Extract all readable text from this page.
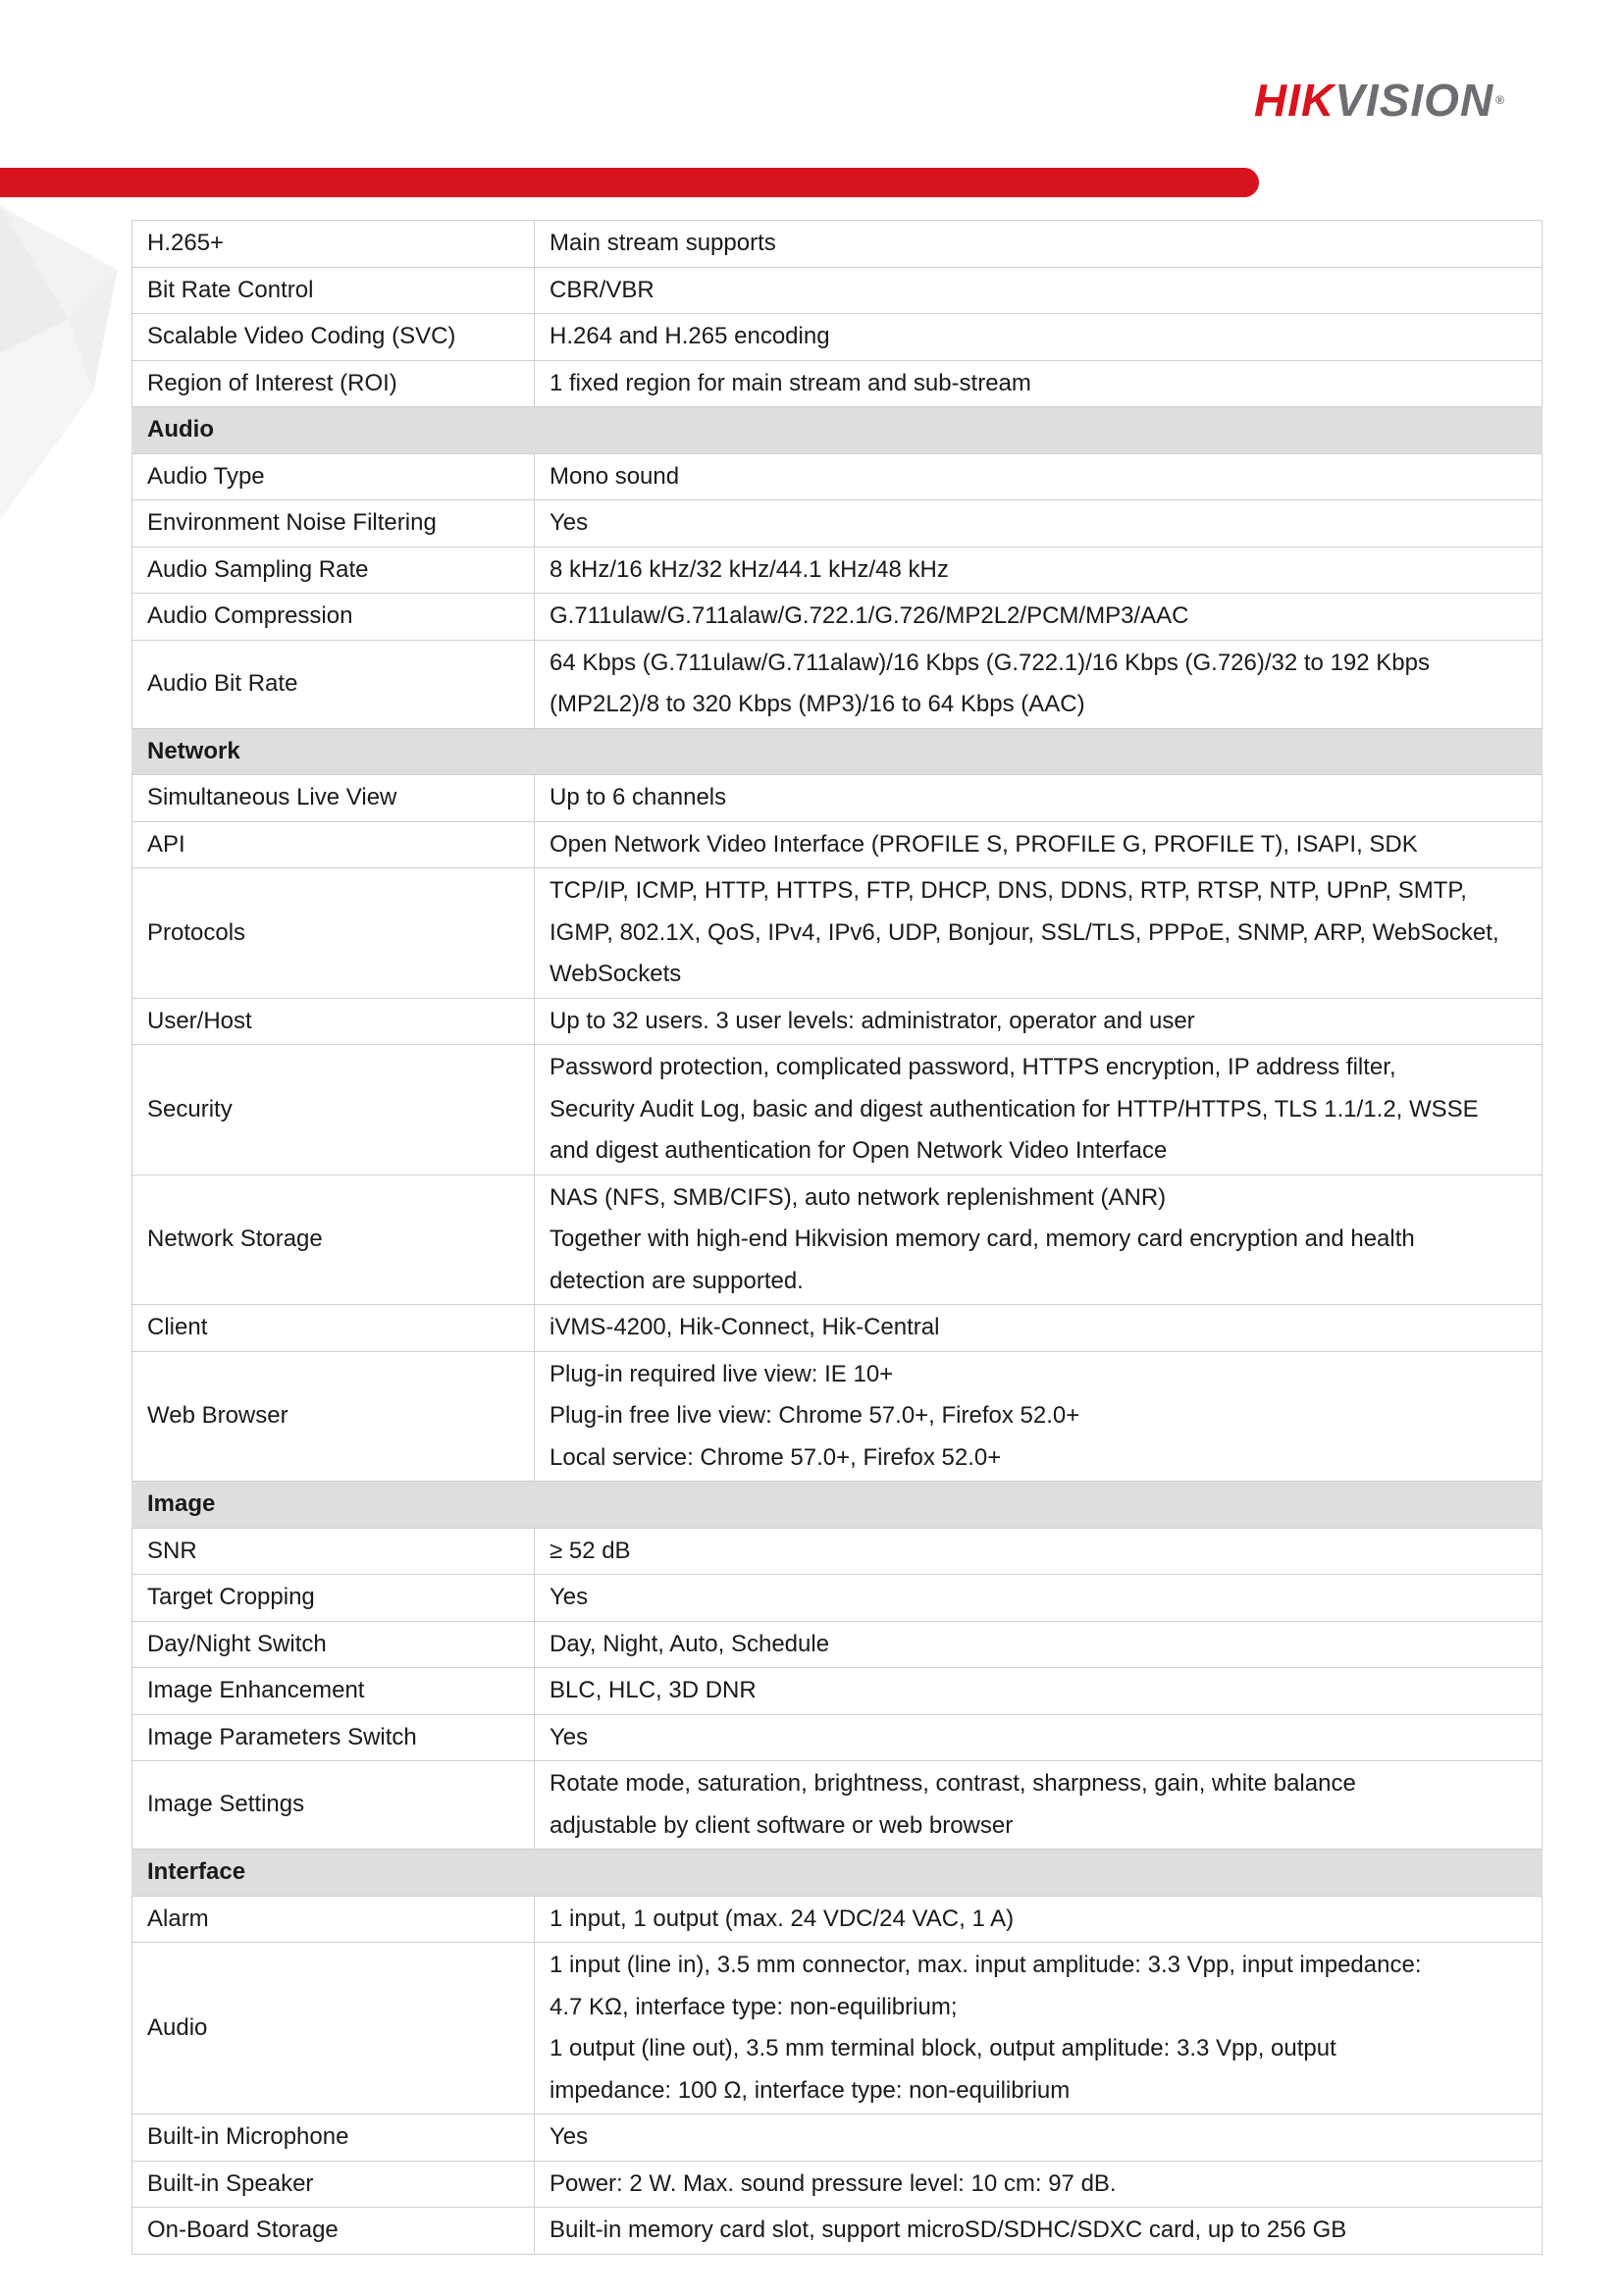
HIKVISION ®
H.265+	Main stream supports

Bit Rate Control	CBR/VBR

Scalable Video Coding (SVC)	H.264 and H.265 encoding

Region of Interest (ROI)	1 fixed region for main stream and sub-stream

Audio	
Audio Type	Mono sound

Environment Noise Filtering	Yes

Audio Sampling Rate	8 kHz/16 kHz/32 kHz/44.1 kHz/48 kHz

Audio Compression	G.711ulaw/G.711alaw/G.722.1/G.726/MP2L2/PCM/MP3/AAC

Audio Bit Rate	64 Kbps (G.711ulaw/G.711alaw)/16 Kbps (G.722.1)/16 Kbps (G.726)/32 to 192 Kbps
(MP2L2)/8 to 320 Kbps (MP3)/16 to 64 Kbps (AAC)

Network	
Simultaneous Live View	Up to 6 channels

API	Open Network Video Interface (PROFILE S, PROFILE G, PROFILE T), ISAPI, SDK

Protocols	TCP/IP, ICMP, HTTP, HTTPS, FTP, DHCP, DNS, DDNS, RTP, RTSP, NTP, UPnP, SMTP,
IGMP, 802.1X, QoS, IPv4, IPv6, UDP, Bonjour, SSL/TLS, PPPoE, SNMP, ARP, WebSocket,
WebSockets

User/Host	Up to 32 users. 3 user levels: administrator, operator and user

Security	Password protection, complicated password, HTTPS encryption, IP address filter,
Security Audit Log, basic and digest authentication for HTTP/HTTPS, TLS 1.1/1.2, WSSE
and digest authentication for Open Network Video Interface

Network Storage	NAS (NFS, SMB/CIFS), auto network replenishment (ANR)
Together with high-end Hikvision memory card, memory card encryption and health
detection are supported.

Client	iVMS-4200, Hik-Connect, Hik-Central

Web Browser	Plug-in required live view: IE 10+
Plug-in free live view: Chrome 57.0+, Firefox 52.0+
Local service: Chrome 57.0+, Firefox 52.0+

Image	
SNR	≥ 52 dB

Target Cropping	Yes

Day/Night Switch	Day, Night, Auto, Schedule

Image Enhancement	BLC, HLC, 3D DNR

Image Parameters Switch	Yes

Image Settings	Rotate mode, saturation, brightness, contrast, sharpness, gain, white balance
adjustable by client software or web browser

Interface	
Alarm	1 input, 1 output (max. 24 VDC/24 VAC, 1 A)

Audio	1 input (line in), 3.5 mm connector, max. input amplitude: 3.3 Vpp, input impedance:
4.7 KΩ, interface type: non-equilibrium;
1 output (line out), 3.5 mm terminal block, output amplitude: 3.3 Vpp, output
impedance: 100 Ω, interface type: non-equilibrium

Built-in Microphone	Yes

Built-in Speaker	Power: 2 W. Max. sound pressure level: 10 cm: 97 dB.

On-Board Storage	Built-in memory card slot, support microSD/SDHC/SDXC card, up to 256 GB
